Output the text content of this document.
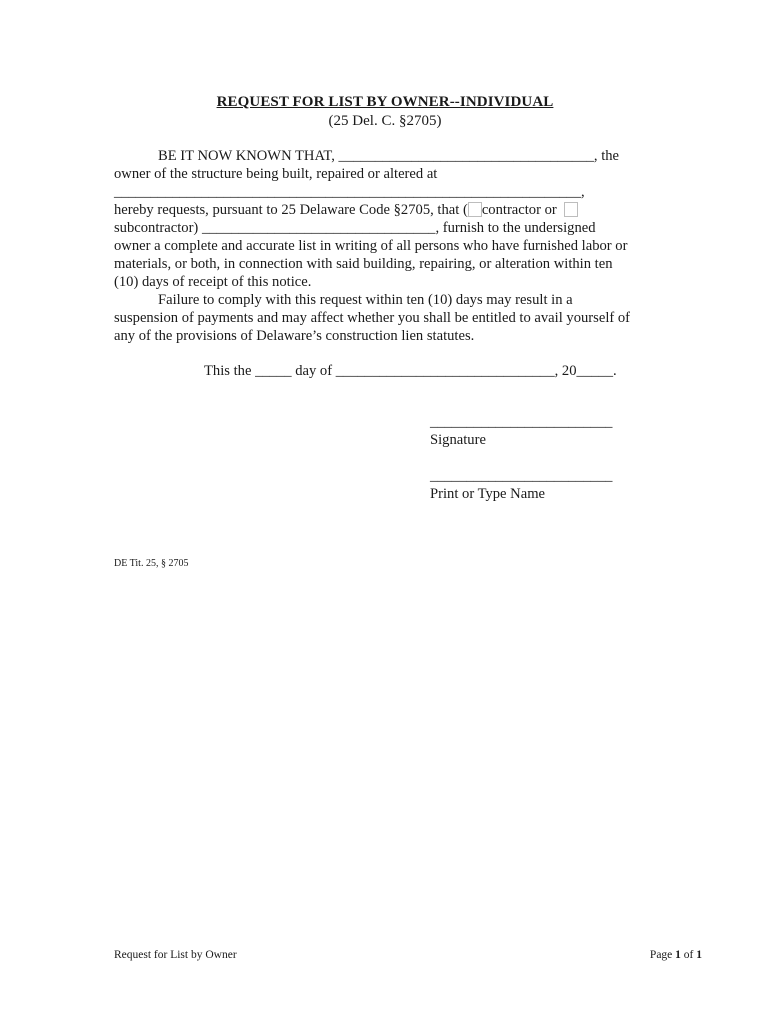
REQUEST FOR LIST BY OWNER--INDIVIDUAL
(25 Del. C. §2705)
BE IT NOW KNOWN THAT, ___________________________________, the
owner of the structure being built, repaired or altered at
________________________________________________________________,
hereby requests, pursuant to 25 Delaware Code §2705, that ( contractor or
subcontractor) ________________________________, furnish to the undersigned
owner a complete and accurate list in writing of all persons who have furnished labor or
materials, or both, in connection with said building, repairing, or alteration within ten
(10) days of receipt of this notice.
Failure to comply with this request within ten (10) days may result in a
suspension of payments and may affect whether you shall be entitled to avail yourself of
any of the provisions of Delaware’s construction lien statutes.
This the _____ day of ______________________________, 20_____.
_________________________
Signature
_________________________
Print or Type Name
DE Tit. 25, § 2705
Request for List by Owner	Page 1 of 1
